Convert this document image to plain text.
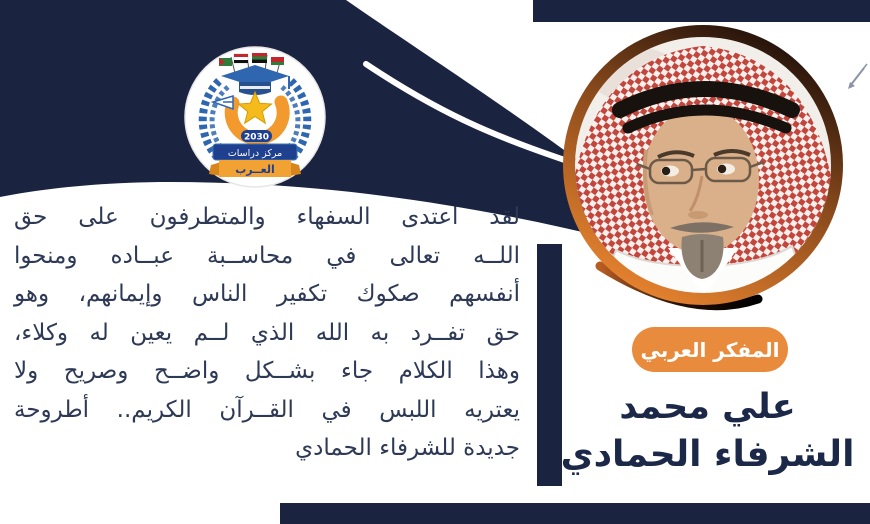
2030
مركز دراسات
العــرب
لقد اعتدى السفهاء والمتطرفون على حق
اللــه تعالى في محاســبة عبــاده ومنحوا
أنفسهم صكوك تكفير الناس وإيمانهم، وهو
حق تفــرد به الله الذي لــم يعين له وكلاء،
وهذا الكلام جاء بشــكل واضــح وصريح ولا
يعتريه اللبس في القــرآن الكريم.. أطروحة
جديدة للشرفاء الحمادي
المفكر العربي
علي محمد
الشرفاء الحمادي
